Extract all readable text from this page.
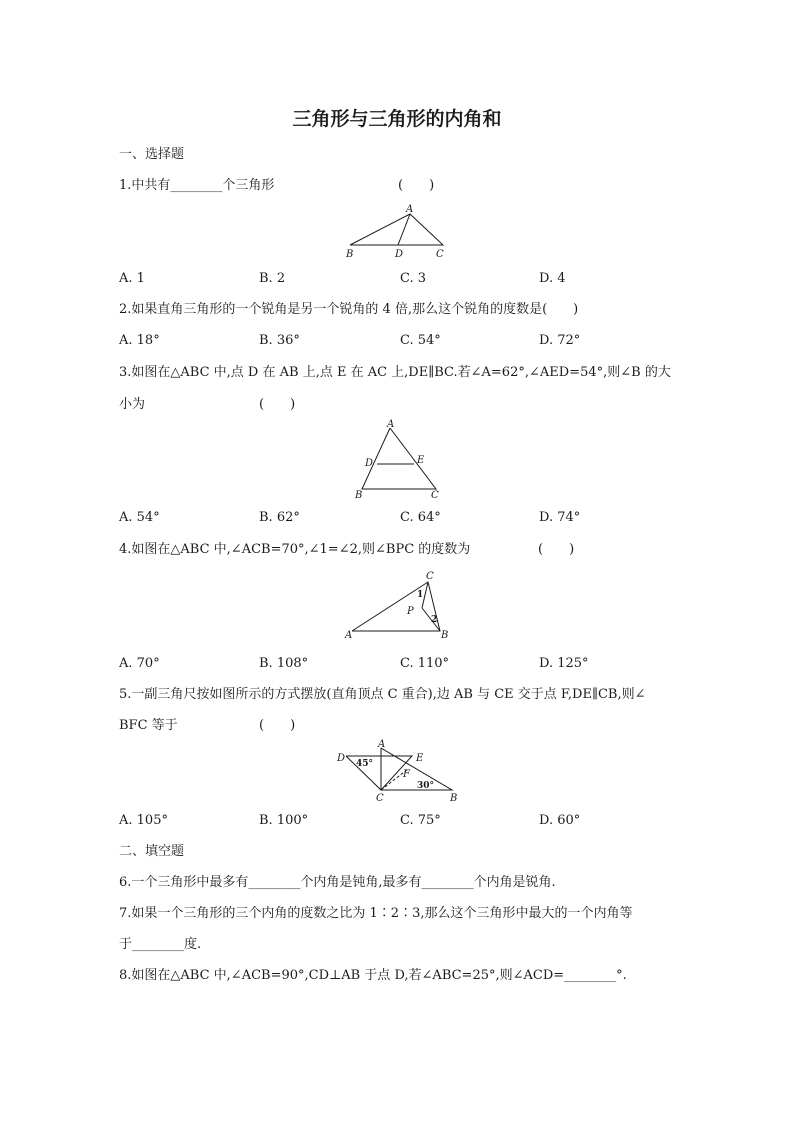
三角形与三角形的内角和
一、选择题
1.中共有________个三角形	(　　)
A
B	D	C
A. 1	B. 2	C. 3	D. 4
2.如果直角三角形的一个锐角是另一个锐角的 4 倍,那么这个锐角的度数是(　　)
A. 18°	B. 36°	C. 54°	D. 72°
3.如图在△ABC 中,点 D 在 AB 上,点 E 在 AC 上,DE∥BC.若∠A=62°,∠AED=54°,则∠B 的大
小为	(　　)
A
D	E
B	C
A. 54°	B. 62°	C. 64°	D. 74°
4.如图在△ABC 中,∠ACB=70°,∠1=∠2,则∠BPC 的度数为	(　　)
C
P
A	B
1
2
A. 70°	B. 108°	C. 110°	D. 125°
5.一副三角尺按如图所示的方式摆放(直角顶点 C 重合),边 AB 与 CE 交于点 F,DE∥CB,则∠
BFC 等于	(　　)
D
A
E
F
C	B
45°
30°
A. 105°	B. 100°	C. 75°	D. 60°
二、填空题
6.一个三角形中最多有________个内角是钝角,最多有________个内角是锐角.
7.如果一个三角形的三个内角的度数之比为 1∶2∶3,那么这个三角形中最大的一个内角等
于________度.
8.如图在△ABC 中,∠ACB=90°,CD⊥AB 于点 D,若∠ABC=25°,则∠ACD=________°.
